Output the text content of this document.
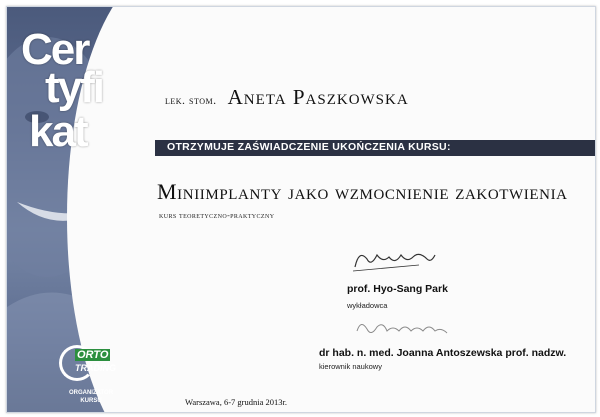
Cer
tyfi
kat
ORTO
TRADING
ORGANIZATOR KURSU
lek. stom. Aneta Paszkowska
OTRZYMUJE ZAŚWIADCZENIE UKOŃCZENIA KURSU:
Miniimplanty jako wzmocnienie zakotwienia
kurs teoretyczno-praktyczny
prof. Hyo-Sang Park
wykładowca
dr hab. n. med. Joanna Antoszewska prof. nadzw.
kierownik naukowy
Warszawa, 6-7 grudnia 2013r.
